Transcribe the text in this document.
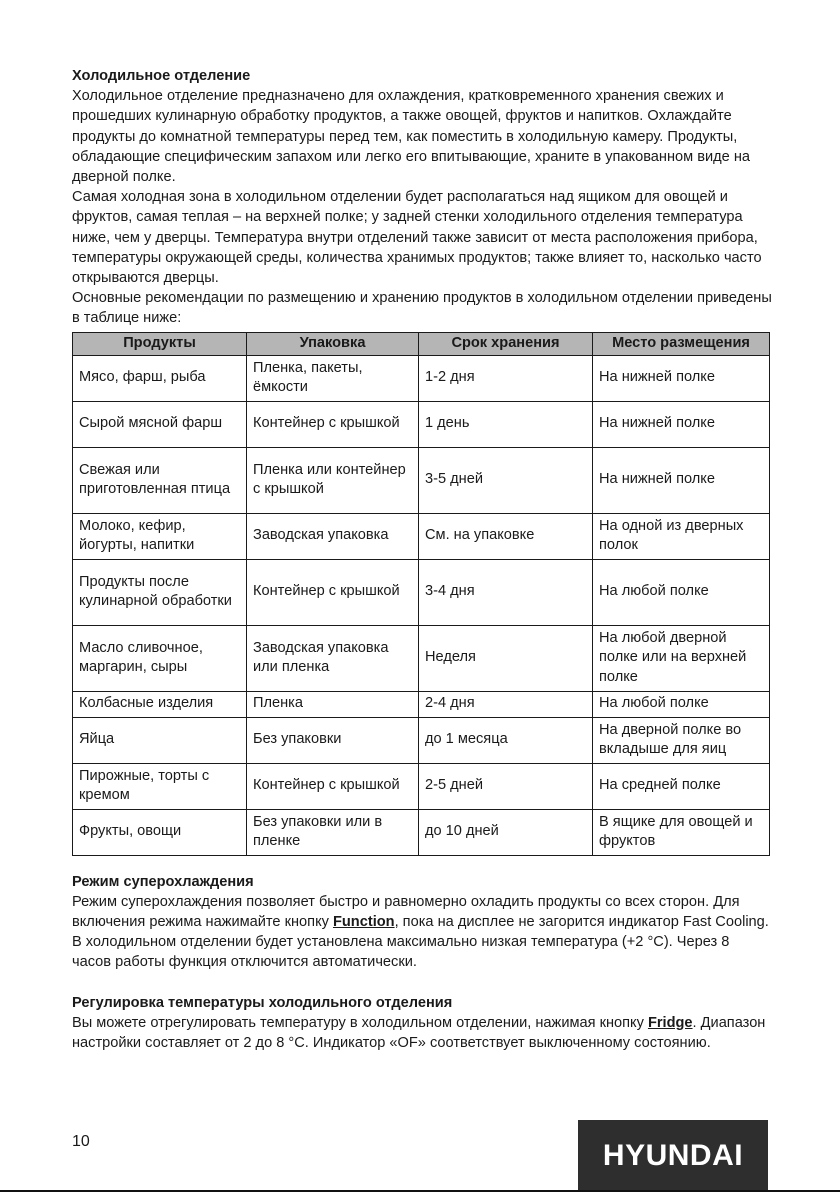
Холодильное отделение

Холодильное отделение предназначено для охлаждения, кратковременного хранения свежих и прошедших кулинарную обработку продуктов, а также овощей, фруктов и напитков. Охлаждайте продукты до комнатной температуры перед тем, как поместить в холодильную камеру. Продукты, обладающие специфическим запахом или легко его впитывающие, храните в упакованном виде на дверной полке.

Самая холодная зона в холодильном отделении будет располагаться над ящиком для овощей и фруктов, самая теплая – на верхней полке; у задней стенки холодильного отделения температура ниже, чем у дверцы. Температура внутри отделений также зависит от места расположения прибора, температуры окружающей среды, количества хранимых продуктов; также влияет то, насколько часто открываются дверцы.

Основные рекомендации по размещению и хранению продуктов в холодильном отделении приведены в таблице ниже:

Продукты	Упаковка	Срок хранения	Место размещения
Мясо, фарш, рыба	Пленка, пакеты, ёмкости	1-2 дня	На нижней полке
Сырой мясной фарш	Контейнер с крышкой	1 день	На нижней полке
Свежая или приготовленная птица	Пленка или контейнер с крышкой	3-5 дней	На нижней полке
Молоко, кефир, йогурты, напитки	Заводская упаковка	См. на упаковке	На одной из дверных полок
Продукты после кулинарной обработки	Контейнер с крышкой	3-4 дня	На любой полке
Масло сливочное, маргарин, сыры	Заводская упаковка или пленка	Неделя	На любой дверной полке или на верхней полке
Колбасные изделия	Пленка	2-4 дня	На любой полке
Яйца	Без упаковки	до 1 месяца	На дверной полке во вкладыше для яиц
Пирожные, торты с кремом	Контейнер с крышкой	2-5 дней	На средней полке
Фрукты, овощи	Без упаковки или в пленке	до 10 дней	В ящике для овощей и фруктов

Режим суперохлаждения

Режим суперохлаждения позволяет быстро и равномерно охладить продукты со всех сторон. Для включения режима нажимайте кнопку Function, пока на дисплее не загорится индикатор Fast Cooling. В холодильном отделении будет установлена максимально низкая температура (+2 °C). Через 8 часов работы функция отключится автоматически.

Регулировка температуры холодильного отделения

Вы можете отрегулировать температуру в холодильном отделении, нажимая кнопку Fridge. Диапазон настройки составляет от 2 до 8 °C. Индикатор «OF» соответствует выключенному состоянию.

10	HYUNDAI
